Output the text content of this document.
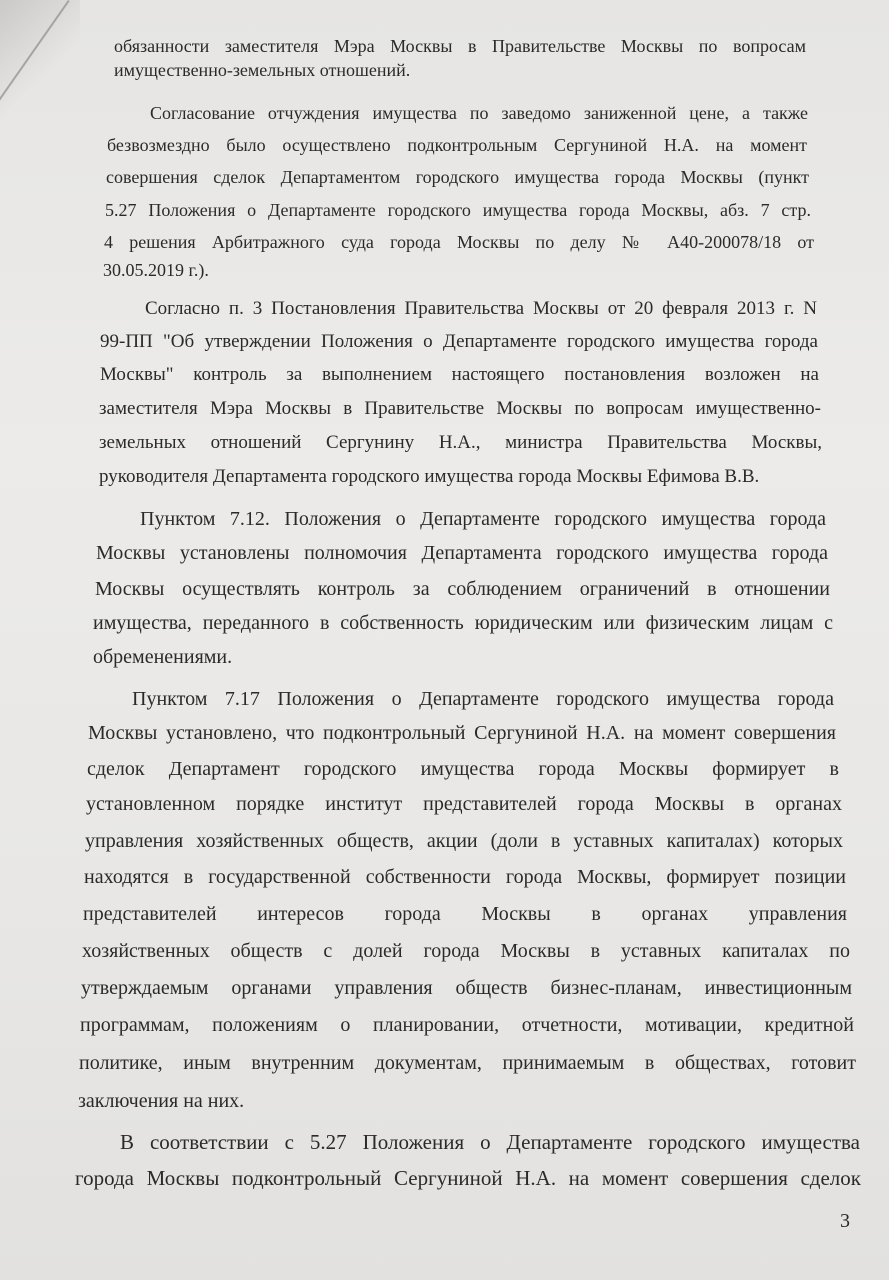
обязанности заместителя Мэра Москвы в Правительстве Москвы по вопросам
имущественно-земельных отношений.
Согласование отчуждения имущества по заведомо заниженной цене, а также
безвозмездно было осуществлено подконтрольным Сергуниной Н.А. на момент
совершения сделок Департаментом городского имущества города Москвы (пункт
5.27 Положения о Департаменте городского имущества города Москвы, абз. 7 стр.
4 решения Арбитражного суда города Москвы по делу № А40-200078/18 от
30.05.2019 г.).
Согласно п. 3 Постановления Правительства Москвы от 20 февраля 2013 г. N
99-ПП "Об утверждении Положения о Департаменте городского имущества города
Москвы" контроль за выполнением настоящего постановления возложен на
заместителя Мэра Москвы в Правительстве Москвы по вопросам имущественно-
земельных отношений Сергунину Н.А., министра Правительства Москвы,
руководителя Департамента городского имущества города Москвы Ефимова В.В.
Пунктом 7.12. Положения о Департаменте городского имущества города
Москвы установлены полномочия Департамента городского имущества города
Москвы осуществлять контроль за соблюдением ограничений в отношении
имущества, переданного в собственность юридическим или физическим лицам с
обременениями.
Пунктом 7.17 Положения о Департаменте городского имущества города
Москвы установлено, что подконтрольный Сергуниной Н.А. на момент совершения
сделок Департамент городского имущества города Москвы формирует в
установленном порядке институт представителей города Москвы в органах
управления хозяйственных обществ, акции (доли в уставных капиталах) которых
находятся в государственной собственности города Москвы, формирует позиции
представителей интересов города Москвы в органах управления
хозяйственных обществ с долей города Москвы в уставных капиталах по
утверждаемым органами управления обществ бизнес-планам, инвестиционным
программам, положениям о планировании, отчетности, мотивации, кредитной
политике, иным внутренним документам, принимаемым в обществах, готовит
заключения на них.
В соответствии с 5.27 Положения о Департаменте городского имущества
города Москвы подконтрольный Сергуниной Н.А. на момент совершения сделок
3
